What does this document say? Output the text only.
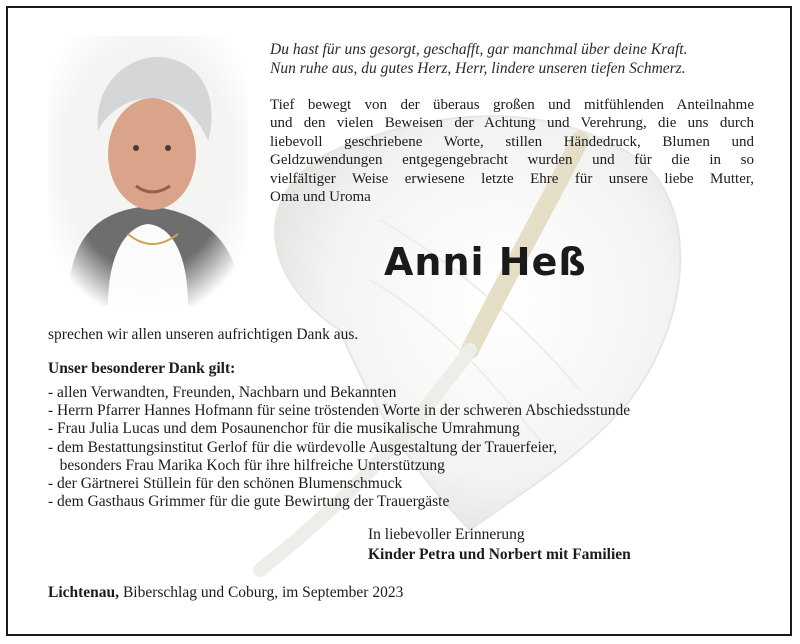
Du hast für uns gesorgt, geschafft, gar manchmal über deine Kraft.
Nun ruhe aus, du gutes Herz, Herr, lindere unseren tiefen Schmerz.
Tief bewegt von der überaus großen und mitfühlenden Anteilnahme
und den vielen Beweisen der Achtung und Verehrung, die uns durch
liebevoll geschriebene Worte, stillen Händedruck, Blumen und
Geldzuwendungen entgegengebracht wurden und für die in so
vielfältiger Weise erwiesene letzte Ehre für unsere liebe Mutter,
Oma und Uroma
Anni Heß
sprechen wir allen unseren aufrichtigen Dank aus.
Unser besonderer Dank gilt:
- allen Verwandten, Freunden, Nachbarn und Bekannten
- Herrn Pfarrer Hannes Hofmann für seine tröstenden Worte in der schweren Abschiedsstunde
- Frau Julia Lucas und dem Posaunenchor für die musikalische Umrahmung
- dem Bestattungsinstitut Gerlof für die würdevolle Ausgestaltung der Trauerfeier,
besonders Frau Marika Koch für ihre hilfreiche Unterstützung
- der Gärtnerei Stüllein für den schönen Blumenschmuck
- dem Gasthaus Grimmer für die gute Bewirtung der Trauergäste
In liebevoller Erinnerung
Kinder Petra und Norbert mit Familien
Lichtenau, Biberschlag und Coburg, im September 2023
